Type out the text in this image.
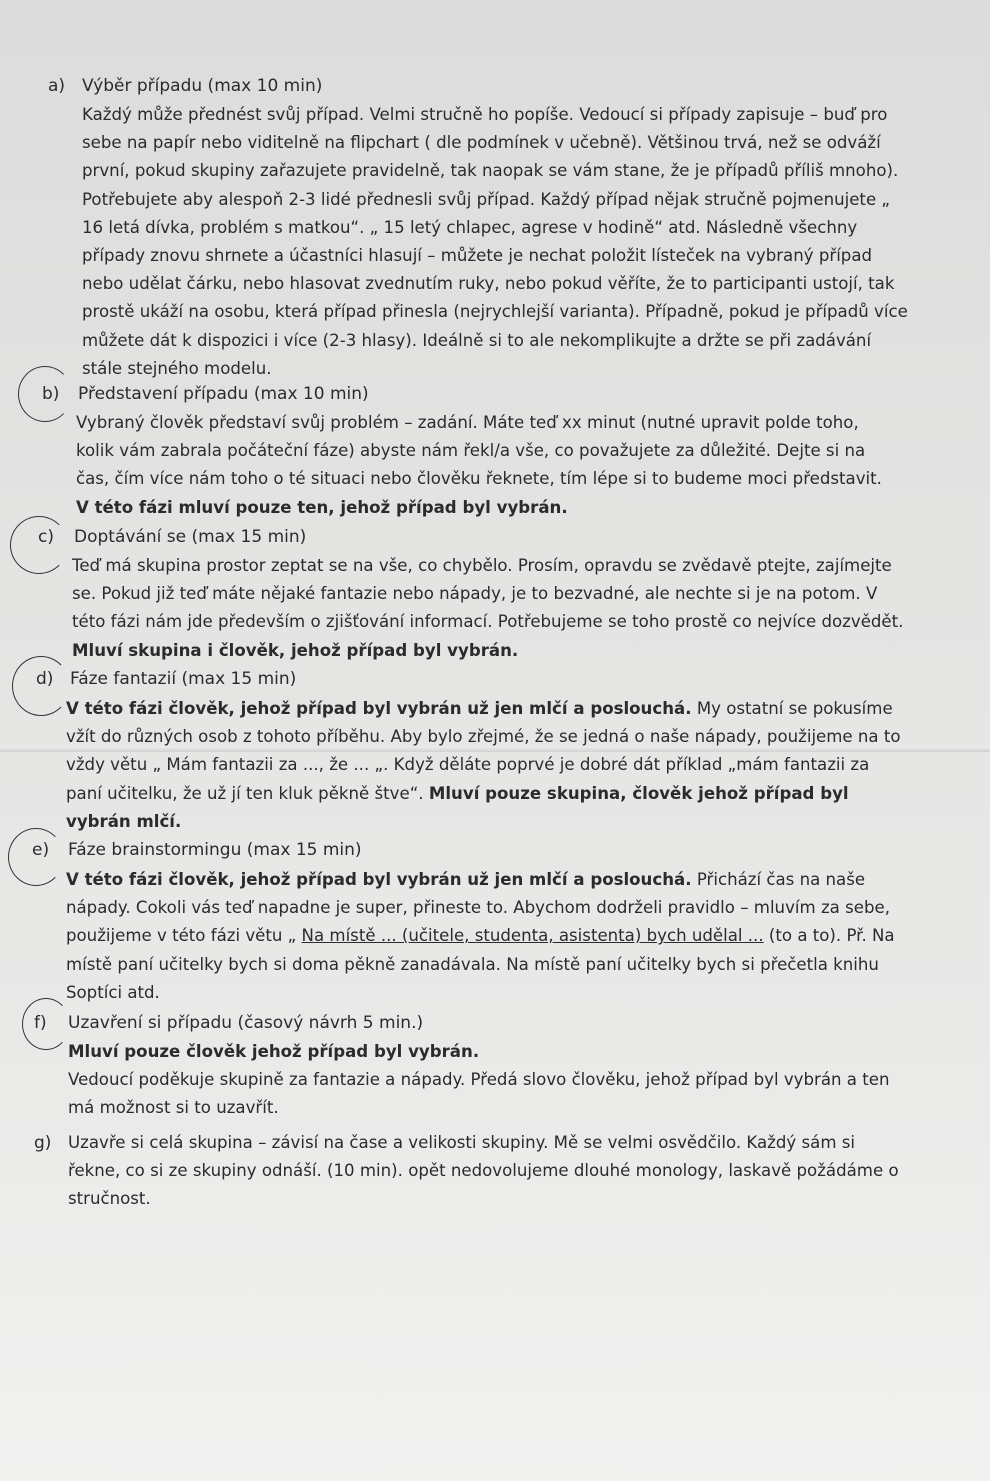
a) Výběr případu (max 10 min)

Každý může přednést svůj případ. Velmi stručně ho popíše. Vedoucí si případy zapisuje – buď pro sebe na papír nebo viditelně na flipchart ( dle podmínek v učebně). Většinou trvá, než se odváží první, pokud skupiny zařazujete pravidelně, tak naopak se vám stane, že je případů příliš mnoho). Potřebujete aby alespoň 2-3 lidé přednesli svůj případ. Každý případ nějak stručně pojmenujete „ 16 letá dívka, problém s matkou“. „ 15 letý chlapec, agrese v hodině“ atd. Následně všechny případy znovu shrnete a účastníci hlasují – můžete je nechat položit lísteček na vybraný případ nebo udělat čárku, nebo hlasovat zvednutím ruky, nebo pokud věříte, že to participanti ustojí, tak prostě ukáží na osobu, která případ přinesla (nejrychlejší varianta). Případně, pokud je případů více můžete dát k dispozici i více (2-3 hlasy). Ideálně si to ale nekomplikujte a držte se při zadávání stále stejného modelu.

b) Představení případu (max 10 min)

Vybraný člověk představí svůj problém – zadání. Máte teď xx minut (nutné upravit polde toho, kolik vám zabrala počáteční fáze) abyste nám řekl/a vše, co považujete za důležité. Dejte si na čas, čím více nám toho o té situaci nebo člověku řeknete, tím lépe si to budeme moci představit. V této fázi mluví pouze ten, jehož případ byl vybrán.

c) Doptávání se (max 15 min)

Teď má skupina prostor zeptat se na vše, co chybělo. Prosím, opravdu se zvědavě ptejte, zajímejte se. Pokud již teď máte nějaké fantazie nebo nápady, je to bezvadné, ale nechte si je na potom. V této fázi nám jde především o zjišťování informací. Potřebujeme se toho prostě co nejvíce dozvědět. Mluví skupina i člověk, jehož případ byl vybrán.

d) Fáze fantazií (max 15 min)

V této fázi člověk, jehož případ byl vybrán už jen mlčí a poslouchá. My ostatní se pokusíme vžít do různých osob z tohoto příběhu. Aby bylo zřejmé, že se jedná o naše nápady, použijeme na to vždy větu „ Mám fantazii za ..., že ... „. Když děláte poprvé je dobré dát příklad „mám fantazii za paní učitelku, že už jí ten kluk pěkně štve“. Mluví pouze skupina, člověk jehož případ byl vybrán mlčí.

e) Fáze brainstormingu (max 15 min)

V této fázi člověk, jehož případ byl vybrán už jen mlčí a poslouchá. Přichází čas na naše nápady. Cokoli vás teď napadne je super, přineste to. Abychom dodrželi pravidlo – mluvím za sebe, použijeme v této fázi větu „ Na místě ... (učitele, studenta, asistenta) bych udělal ... (to a to). Př. Na místě paní učitelky bych si doma pěkně zanadávala. Na místě paní učitelky bych si přečetla knihu Soptíci atd.

f) Uzavření si případu (časový návrh 5 min.)

Mluví pouze člověk jehož případ byl vybrán.

Vedoucí poděkuje skupině za fantazie a nápady. Předá slovo člověku, jehož případ byl vybrán a ten má možnost si to uzavřít.

g) Uzavře si celá skupina – závisí na čase a velikosti skupiny. Mě se velmi osvědčilo. Každý sám si řekne, co si ze skupiny odnáší. (10 min). opět nedovolujeme dlouhé monology, laskavě požádáme o stručnost.
